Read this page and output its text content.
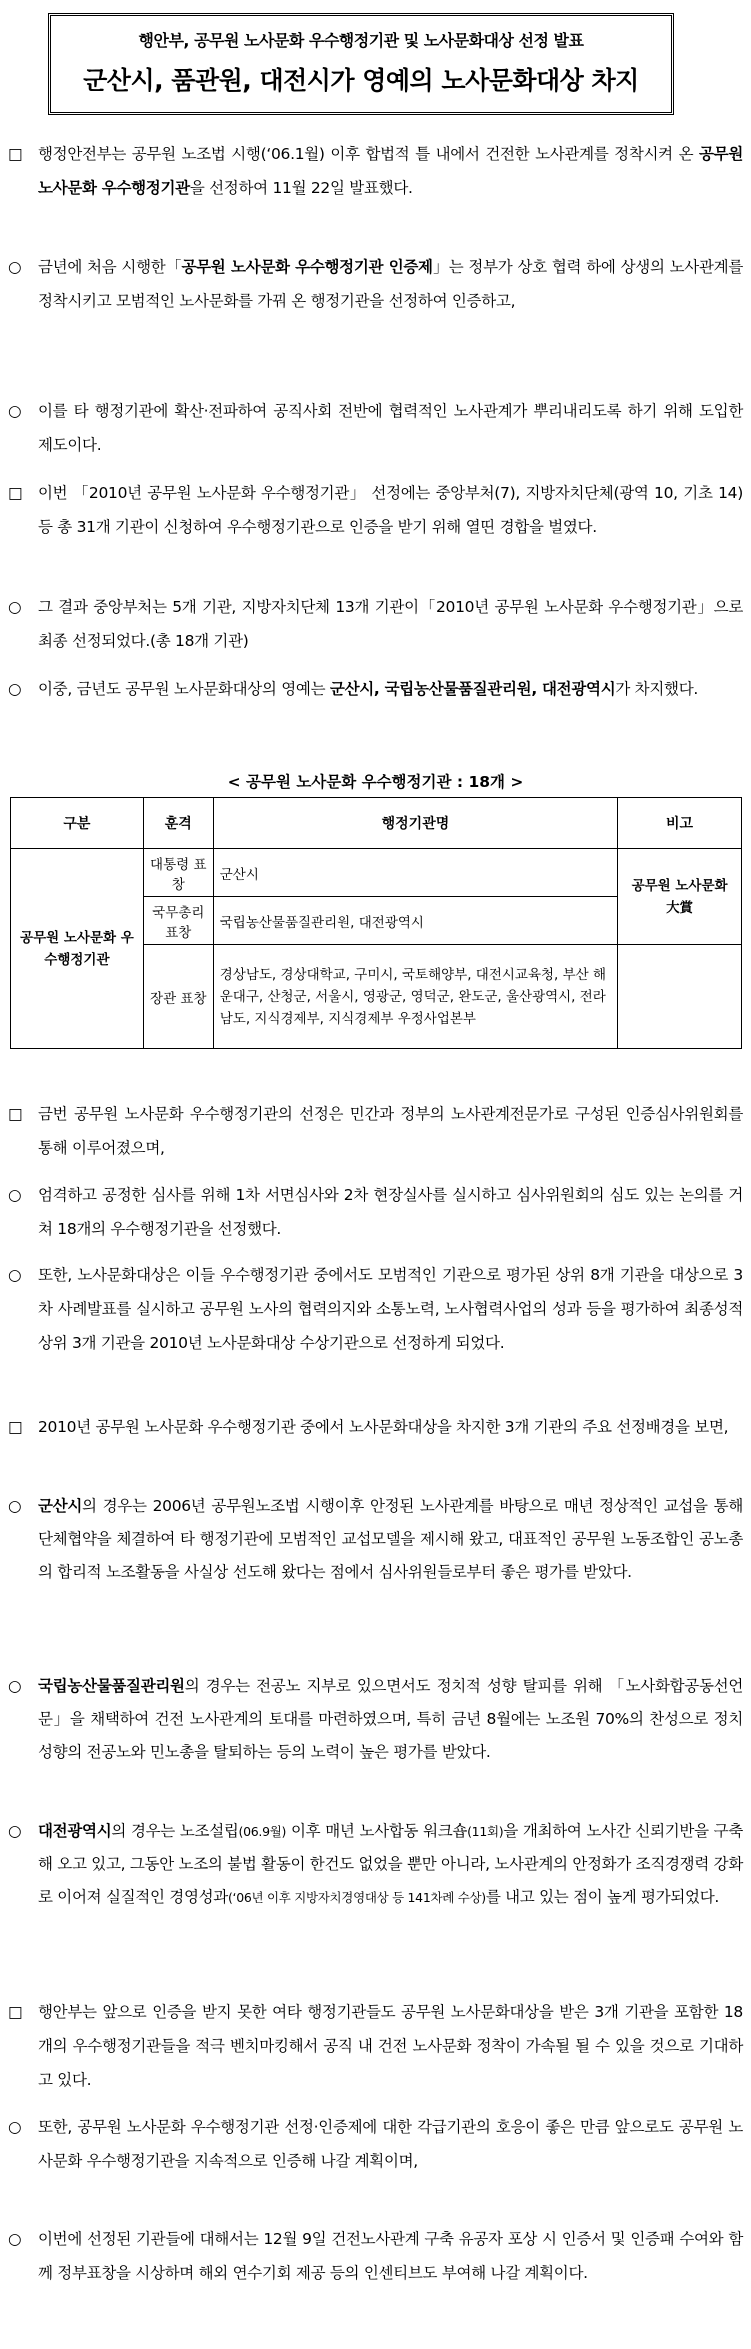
행안부, 공무원 노사문화 우수행정기관 및 노사문화대상 선정 발표
군산시, 품관원, 대전시가 영예의 노사문화대상 차지
□ 행정안전부는 공무원 노조법 시행(‘06.1월) 이후 합법적 틀 내에서 건전한 노사관계를 정착시켜 온 공무원 노사문화 우수행정기관을 선정하여 11월 22일 발표했다.
○ 금년에 처음 시행한「공무원 노사문화 우수행정기관 인증제」는 정부가 상호 협력 하에 상생의 노사관계를 정착시키고 모범적인 노사문화를 가꿔 온 행정기관을 선정하여 인증하고,
○ 이를 타 행정기관에 확산‧전파하여 공직사회 전반에 협력적인 노사관계가 뿌리내리도록 하기 위해 도입한 제도이다.
□ 이번 「2010년 공무원 노사문화 우수행정기관」 선정에는 중앙부처(7), 지방자치단체(광역 10, 기초 14) 등 총 31개 기관이 신청하여 우수행정기관으로 인증을 받기 위해 열띤 경합을 벌였다.
○ 그 결과 중앙부처는 5개 기관, 지방자치단체 13개 기관이「2010년 공무원 노사문화 우수행정기관」으로 최종 선정되었다.(총 18개 기관)
○ 이중, 금년도 공무원 노사문화대상의 영예는 군산시, 국립농산물품질관리원, 대전광역시가 차지했다.
< 공무원 노사문화 우수행정기관 : 18개 >
구분	훈격	행정기관명	비고
공무원 노사문화 우수행정기관	대통령 표창	군산시	공무원 노사문화 大賞
	국무총리 표창	국립농산물품질관리원, 대전광역시	
	장관 표창	경상남도, 경상대학교, 구미시, 국토해양부, 대전시교육청, 부산 해운대구, 산청군, 서울시, 영광군, 영덕군, 완도군, 울산광역시, 전라남도, 지식경제부, 지식경제부 우정사업본부	
□ 금번 공무원 노사문화 우수행정기관의 선정은 민간과 정부의 노사관계전문가로 구성된 인증심사위원회를 통해 이루어졌으며,
○ 엄격하고 공정한 심사를 위해 1차 서면심사와 2차 현장실사를 실시하고 심사위원회의 심도 있는 논의를 거쳐 18개의 우수행정기관을 선정했다.
○ 또한, 노사문화대상은 이들 우수행정기관 중에서도 모범적인 기관으로 평가된 상위 8개 기관을 대상으로 3차 사례발표를 실시하고 공무원 노사의 협력의지와 소통노력, 노사협력사업의 성과 등을 평가하여 최종성적 상위 3개 기관을 2010년 노사문화대상 수상기관으로 선정하게 되었다.
□ 2010년 공무원 노사문화 우수행정기관 중에서 노사문화대상을 차지한 3개 기관의 주요 선정배경을 보면,
○ 군산시의 경우는 2006년 공무원노조법 시행이후 안정된 노사관계를 바탕으로 매년 정상적인 교섭을 통해 단체협약을 체결하여 타 행정기관에 모범적인 교섭모델을 제시해 왔고, 대표적인 공무원 노동조합인 공노총의 합리적 노조활동을 사실상 선도해 왔다는 점에서 심사위원들로부터 좋은 평가를 받았다.
○ 국립농산물품질관리원의 경우는 전공노 지부로 있으면서도 정치적 성향 탈피를 위해 「노사화합공동선언문」을 채택하여 건전 노사관계의 토대를 마련하였으며, 특히 금년 8월에는 노조원 70%의 찬성으로 정치성향의 전공노와 민노총을 탈퇴하는 등의 노력이 높은 평가를 받았다.
○ 대전광역시의 경우는 노조설립(06.9월) 이후 매년 노사합동 워크숍(11회)을 개최하여 노사간 신뢰기반을 구축해 오고 있고, 그동안 노조의 불법 활동이 한건도 없었을 뿐만 아니라, 노사관계의 안정화가 조직경쟁력 강화로 이어져 실질적인 경영성과(‘06년 이후 지방자치경영대상 등 141차례 수상)를 내고 있는 점이 높게 평가되었다.
□ 행안부는 앞으로 인증을 받지 못한 여타 행정기관들도 공무원 노사문화대상을 받은 3개 기관을 포함한 18개의 우수행정기관들을 적극 벤치마킹해서 공직 내 건전 노사문화 정착이 가속될 될 수 있을 것으로 기대하고 있다.
○ 또한, 공무원 노사문화 우수행정기관 선정‧인증제에 대한 각급기관의 호응이 좋은 만큼 앞으로도 공무원 노사문화 우수행정기관을 지속적으로 인증해 나갈 계획이며,
○ 이번에 선정된 기관들에 대해서는 12월 9일 건전노사관계 구축 유공자 포상 시 인증서 및 인증패 수여와 함께 정부표창을 시상하며 해외 연수기회 제공 등의 인센티브도 부여해 나갈 계획이다.
